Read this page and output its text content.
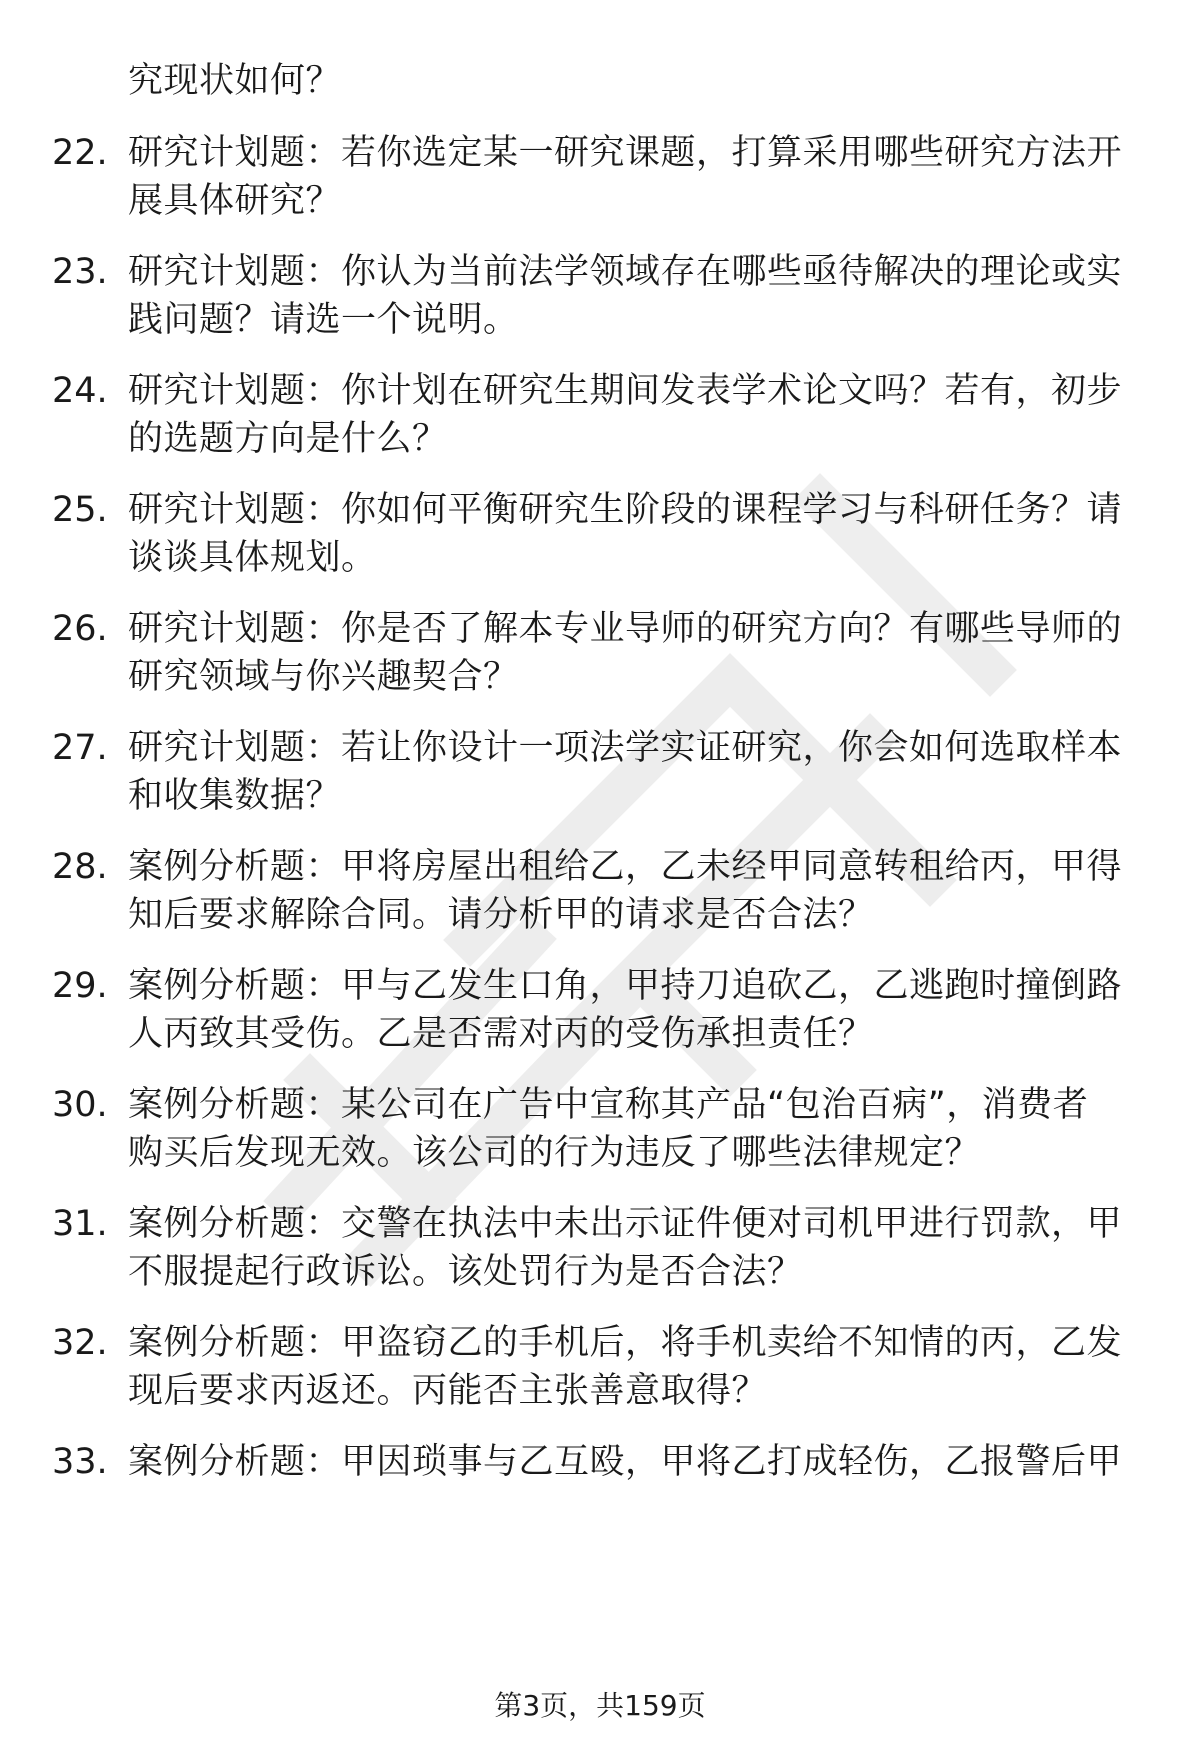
究现状如何？
22. 研究计划题：若你选定某一研究课题，打算采用哪些研究方法开
展具体研究？
23. 研究计划题：你认为当前法学领域存在哪些亟待解决的理论或实
践问题？请选一个说明。
24. 研究计划题：你计划在研究生期间发表学术论文吗？若有，初步
的选题方向是什么？
25. 研究计划题：你如何平衡研究生阶段的课程学习与科研任务？请
谈谈具体规划。
26. 研究计划题：你是否了解本专业导师的研究方向？有哪些导师的
研究领域与你兴趣契合？
27. 研究计划题：若让你设计一项法学实证研究，你会如何选取样本
和收集数据？
28. 案例分析题：甲将房屋出租给乙，乙未经甲同意转租给丙，甲得
知后要求解除合同。请分析甲的请求是否合法？
29. 案例分析题：甲与乙发生口角，甲持刀追砍乙，乙逃跑时撞倒路
人丙致其受伤。乙是否需对丙的受伤承担责任？
30. 案例分析题：某公司在广告中宣称其产品“包治百病”，消费者
购买后发现无效。该公司的行为违反了哪些法律规定？
31. 案例分析题：交警在执法中未出示证件便对司机甲进行罚款，甲
不服提起行政诉讼。该处罚行为是否合法？
32. 案例分析题：甲盗窃乙的手机后，将手机卖给不知情的丙，乙发
现后要求丙返还。丙能否主张善意取得？
33. 案例分析题：甲因琐事与乙互殴，甲将乙打成轻伤，乙报警后甲
第3页，共159页
